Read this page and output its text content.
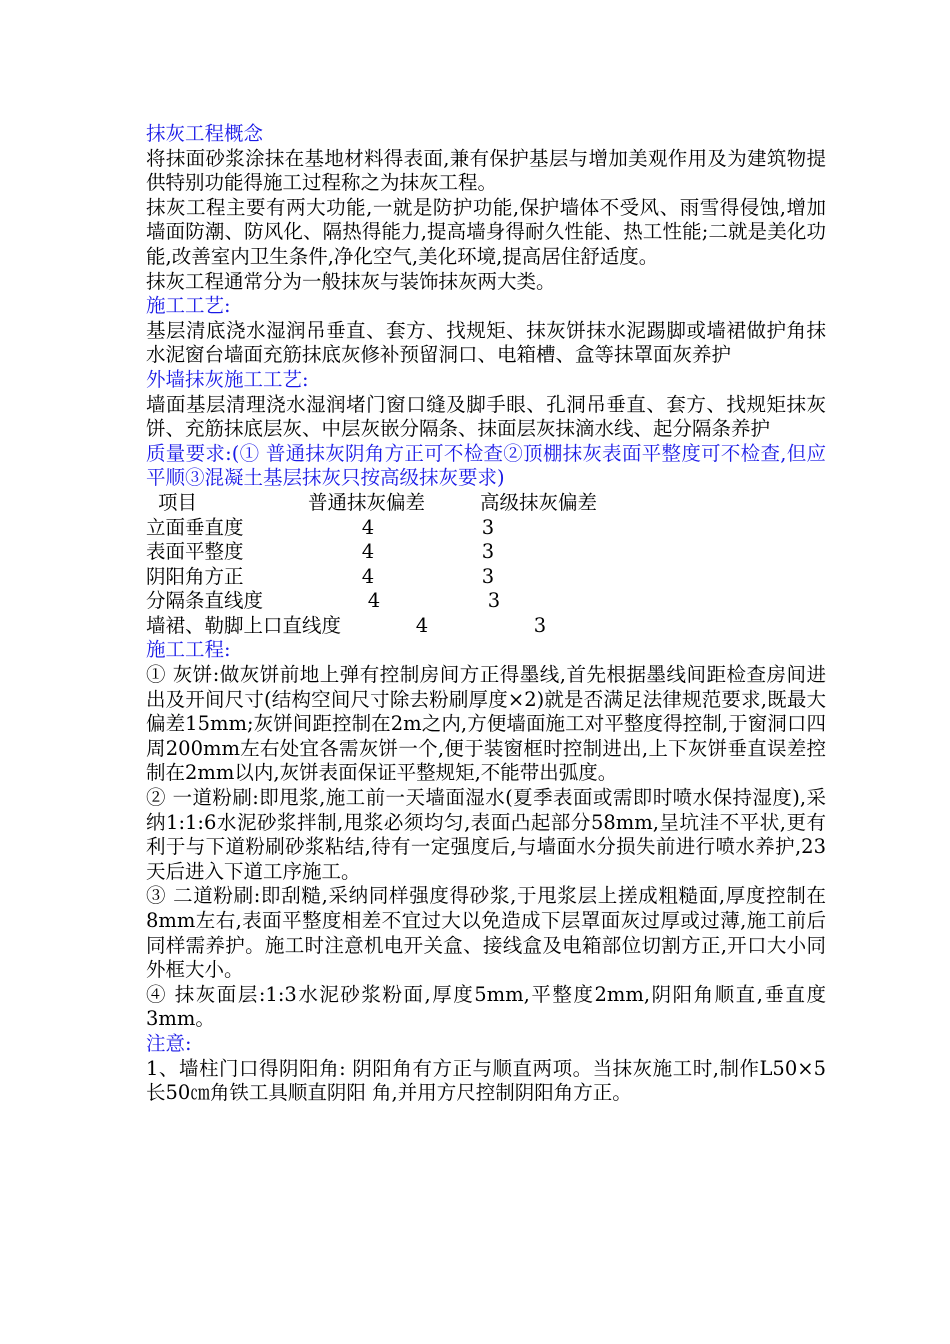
抹灰工程概念

将抹面砂浆涂抹在基地材料得表面,兼有保护基层与增加美观作用及为建筑物提供特别功能得施工过程称之为抹灰工程。

抹灰工程主要有两大功能,一就是防护功能,保护墙体不受风、雨雪得侵蚀,增加墙面防潮、防风化、隔热得能力,提高墙身得耐久性能、热工性能;二就是美化功能,改善室内卫生条件,净化空气,美化环境,提高居住舒适度。

抹灰工程通常分为一般抹灰与装饰抹灰两大类。

施工工艺:

基层清底浇水湿润吊垂直、套方、找规矩、抹灰饼抹水泥踢脚或墙裙做护角抹水泥窗台墙面充筋抹底灰修补预留洞口、电箱槽、盒等抹罩面灰养护

外墙抹灰施工工艺:

墙面基层清理浇水湿润堵门窗口缝及脚手眼、孔洞吊垂直、套方、找规矩抹灰饼、充筋抹底层灰、中层灰嵌分隔条、抹面层灰抹滴水线、起分隔条养护

质量要求:(① 普通抹灰阴角方正可不检查②顶棚抹灰表面平整度可不检查,但应平顺③混凝土基层抹灰只按高级抹灰要求)

项目	普通抹灰偏差	高级抹灰偏差
立面垂直度	4	3
表面平整度	4	3
阴阳角方正	4	3
分隔条直线度	4	3
墙裙、勒脚上口直线度	4	3

施工工程:

① 灰饼:做灰饼前地上弹有控制房间方正得墨线,首先根据墨线间距检查房间进出及开间尺寸(结构空间尺寸除去粉刷厚度×2)就是否满足法律规范要求,既最大偏差15mm;灰饼间距控制在2m之内,方便墙面施工对平整度得控制,于窗洞口四周200mm左右处宜各需灰饼一个,便于装窗框时控制进出,上下灰饼垂直误差控制在2mm以内,灰饼表面保证平整规矩,不能带出弧度。

② 一道粉刷:即甩浆,施工前一天墙面湿水(夏季表面或需即时喷水保持湿度),采纳1:1:6水泥砂浆拌制,甩浆必须均匀,表面凸起部分58mm,呈坑洼不平状,更有利于与下道粉刷砂浆粘结,待有一定强度后,与墙面水分损失前进行喷水养护,23天后进入下道工序施工。

③ 二道粉刷:即刮糙,采纳同样强度得砂浆,于甩浆层上搓成粗糙面,厚度控制在8mm左右,表面平整度相差不宜过大以免造成下层罩面灰过厚或过薄,施工前后同样需养护。施工时注意机电开关盒、接线盒及电箱部位切割方正,开口大小同外框大小。

④ 抹灰面层:1:3水泥砂浆粉面,厚度5mm,平整度2mm,阴阳角顺直,垂直度3mm。

注意:

1、墙柱门口得阴阳角: 阴阳角有方正与顺直两项。当抹灰施工时,制作L50×5长50㎝角铁工具顺直阴阳 角,并用方尺控制阴阳角方正。
